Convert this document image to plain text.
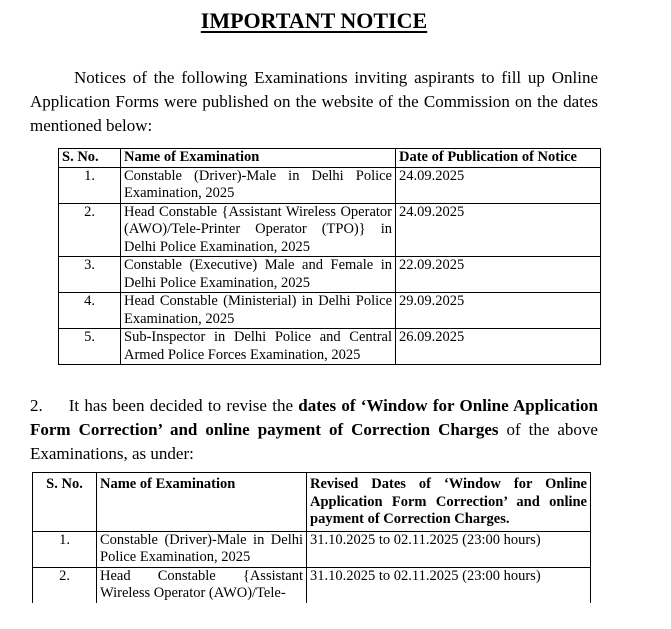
IMPORTANT NOTICE

Notices of the following Examinations inviting aspirants to fill up Online Application Forms were published on the website of the Commission on the dates mentioned below:

S. No.	Name of Examination	Date of Publication of Notice
1.	Constable (Driver)-Male in Delhi Police Examination, 2025	24.09.2025
2.	Head Constable {Assistant Wireless Operator (AWO)/Tele-Printer Operator (TPO)} in Delhi Police Examination, 2025	24.09.2025
3.	Constable (Executive) Male and Female in Delhi Police Examination, 2025	22.09.2025
4.	Head Constable (Ministerial) in Delhi Police Examination, 2025	29.09.2025
5.	Sub-Inspector in Delhi Police and Central Armed Police Forces Examination, 2025	26.09.2025

2. It has been decided to revise the dates of ‘Window for Online Application Form Correction’ and online payment of Correction Charges of the above Examinations, as under:

S. No.	Name of Examination	Revised Dates of ‘Window for Online Application Form Correction’ and online payment of Correction Charges.
1.	Constable (Driver)-Male in Delhi Police Examination, 2025	31.10.2025 to 02.11.2025 (23:00 hours)
2.	Head Constable {Assistant Wireless Operator (AWO)/Tele-	31.10.2025 to 02.11.2025 (23:00 hours)
